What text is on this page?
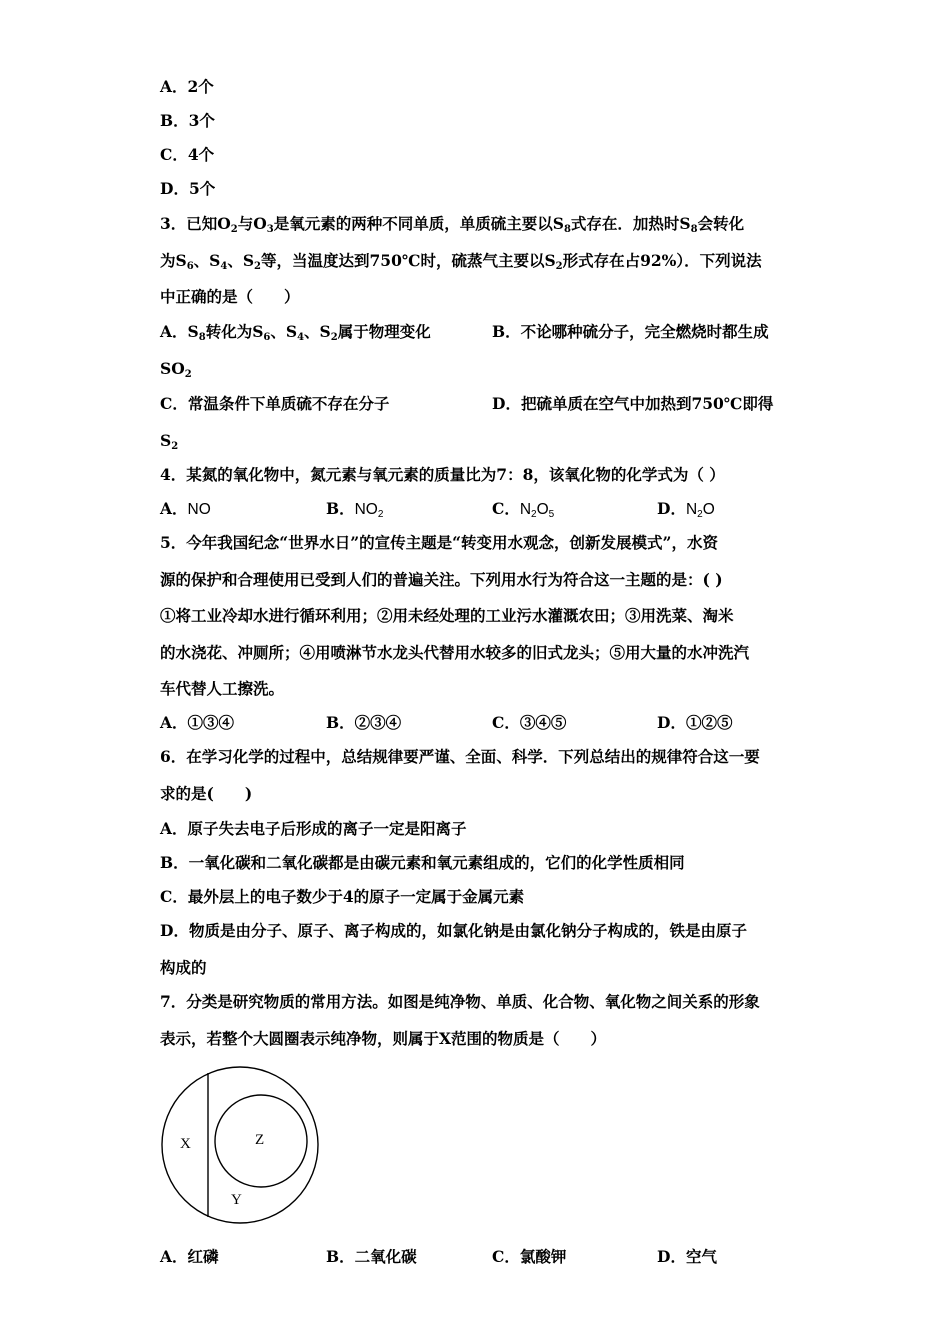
A．2个
B．3个
C．4个
D．5个
3．已知$O_2$与$O_3$是氧元素的两种不同单质，单质硫主要以$S_8$式存在．加热时$S_8$会转化
为$S_6$、$S_4$、$S_2$等，当温度达到750℃时，硫蒸气主要以$S_2$形式存在占92%）．下列说法
中正确的是（　　）
A．$S_8$转化为$S_6$、$S_4$、$S_2$属于物理变化	B．不论哪种硫分子，完全燃烧时都生成
$SO_2$
C．常温条件下单质硫不存在分子	D．把硫单质在空气中加热到750℃即得
$S_2$
4．某氮的氧化物中，氮元素与氧元素的质量比为7：8，该氧化物的化学式为（ ）
A．NO	B．$NO_2$	C．$N_2O_5$	D．$N_2O$
5．今年我国纪念“世界水日”的宣传主题是“转变用水观念，创新发展模式”，水资
源的保护和合理使用已受到人们的普遍关注。下列用水行为符合这一主题的是：( )
①将工业冷却水进行循环利用；②用未经处理的工业污水灌溉农田；③用洗菜、淘米
的水浇花、冲厕所；④用喷淋节水龙头代替用水较多的旧式龙头；⑤用大量的水冲洗汽
车代替人工擦洗。
A．①③④	B．②③④	C．③④⑤	D．①②⑤
6．在学习化学的过程中，总结规律要严谨、全面、科学．下列总结出的规律符合这一要
求的是(　　)
A．原子失去电子后形成的离子一定是阳离子
B．一氧化碳和二氧化碳都是由碳元素和氧元素组成的，它们的化学性质相同
C．最外层上的电子数少于4的原子一定属于金属元素
D．物质是由分子、原子、离子构成的，如氯化钠是由氯化钠分子构成的，铁是由原子
构成的
7．分类是研究物质的常用方法。如图是纯净物、单质、化合物、氧化物之间关系的形象
表示，若整个大圆圈表示纯净物，则属于X范围的物质是（　　）
X	Z
Y
A．红磷	B．二氧化碳	C．氯酸钾	D．空气
